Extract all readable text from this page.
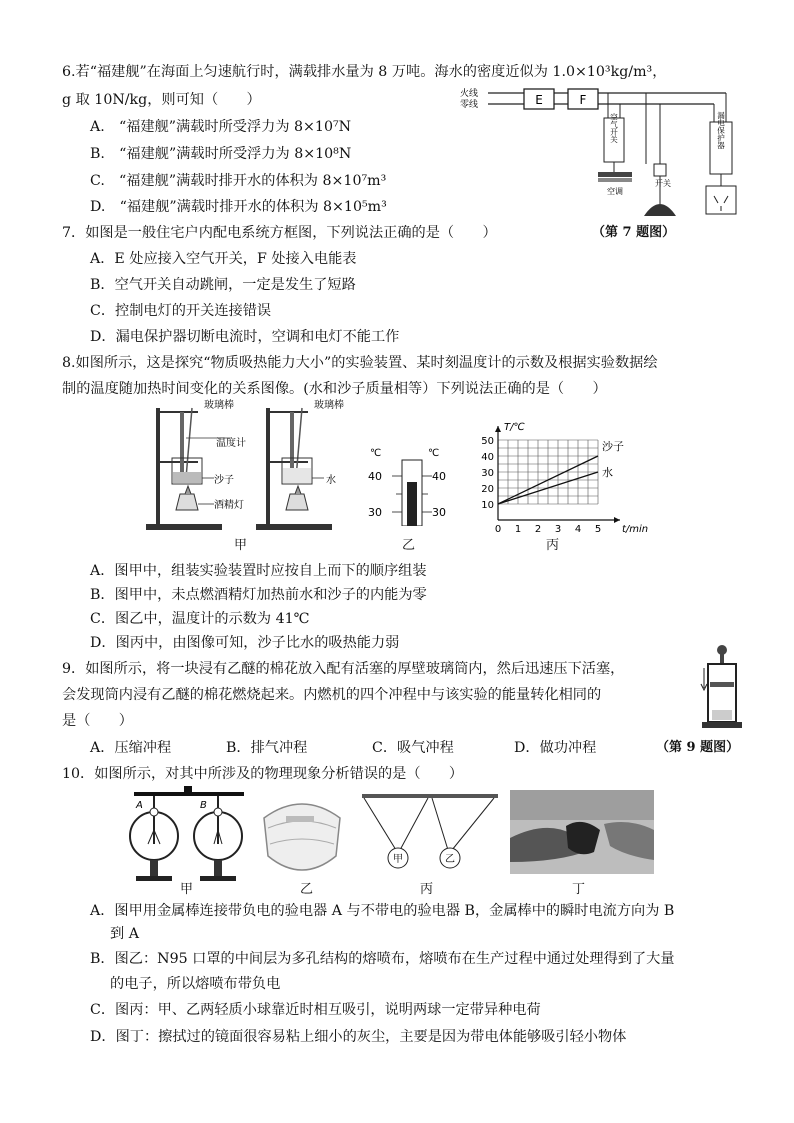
6.若“福建舰”在海面上匀速航行时，满载排水量为 8 万吨。海水的密度近似为 1.0×10³kg/m³，
g 取 10N/kg，则可知（　　）
A.　“福建舰”满载时所受浮力为 8×10⁷N
B.　“福建舰”满载时所受浮力为 8×10⁸N
C.　“福建舰”满载时排开水的体积为 8×10⁷m³
D.　“福建舰”满载时排开水的体积为 8×10⁵m³
火线
零线	E	F
空气开关
空调
开关
漏电保护器
7．如图是一般住宅户内配电系统方框图，下列说法正确的是（　　）	（第 7 题图）
A．E 处应接入空气开关，F 处接入电能表
B．空气开关自动跳闸，一定是发生了短路
C．控制电灯的开关连接错误
D．漏电保护器切断电流时，空调和电灯不能工作
8.如图所示，这是探究“物质吸热能力大小”的实验装置、某时刻温度计的示数及根据实验数据绘
制的温度随加热时间变化的关系图像。(水和沙子质量相等）下列说法正确的是（　　）
玻璃棒	玻璃棒
温度计
沙子	水
酒精灯
甲
℃	℃
40
30
40
30
乙
0 1 2 3 4 5
10
20
30
40
50
T/℃
t/min
沙子
水
丙
A．图甲中，组装实验装置时应按自上而下的顺序组装
B．图甲中，未点燃酒精灯加热前水和沙子的内能为零
C．图乙中，温度计的示数为 41℃
D．图丙中，由图像可知，沙子比水的吸热能力弱
9．如图所示，将一块浸有乙醚的棉花放入配有活塞的厚壁玻璃筒内，然后迅速压下活塞，
会发现筒内浸有乙醚的棉花燃烧起来。内燃机的四个冲程中与该实验的能量转化相同的
是（　　）
A．压缩冲程	B．排气冲程	C．吸气冲程	D．做功冲程	（第 9 题图）
10．如图所示，对其中所涉及的物理现象分析错误的是（　　）
A	B
甲	乙
甲	乙	丙	丁
A．图甲用金属棒连接带负电的验电器 A 与不带电的验电器 B，金属棒中的瞬时电流方向为 B
到 A
B．图乙：N95 口罩的中间层为多孔结构的熔喷布，熔喷布在生产过程中通过处理得到了大量
的电子，所以熔喷布带负电
C．图丙：甲、乙两轻质小球靠近时相互吸引，说明两球一定带异种电荷
D．图丁：擦拭过的镜面很容易粘上细小的灰尘，主要是因为带电体能够吸引轻小物体
